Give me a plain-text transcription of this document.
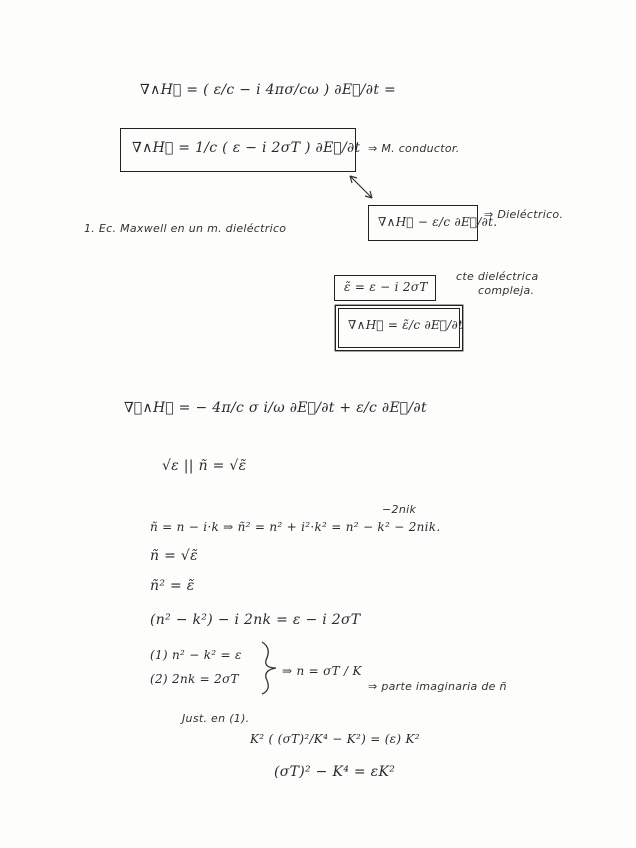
∇∧H⃗ = ( ε/c − i 4πσ/cω ) ∂E⃗/∂t =
∇∧H⃗ = 1/c ( ε − i 2σT ) ∂E⃗/∂t ⇒ M. conductor.
1. Ec. Maxwell en un m. dieléctrico	∇∧H⃗ − ε/c ∂E⃗/∂t.
⇒ Dieléctrico.
ε̃ = ε − i 2σT
cte dieléctrica
compleja.
∇∧H⃗ = ε̃/c ∂E⃗/∂t
∇⃗∧H⃗ = − 4π/c σ i/ω ∂E⃗/∂t + ε/c ∂E⃗/∂t
√ε || ñ = √ε̃
−2nik
ñ = n − i·k ⇒ ñ² = n² + i²·k² = n² − k² − 2nik.
ñ = √ε̃
ñ² = ε̃
(n² − k²) − i 2nk = ε − i 2σT
(1) n² − k² = ε
(2) 2nk = 2σT
⇒ n = σT / K
⇒ parte imaginaria de ñ
Just. en (1).
K² ( (σT)²/K⁴ − K²) = (ε) K²
(σT)² − K⁴ = εK²
